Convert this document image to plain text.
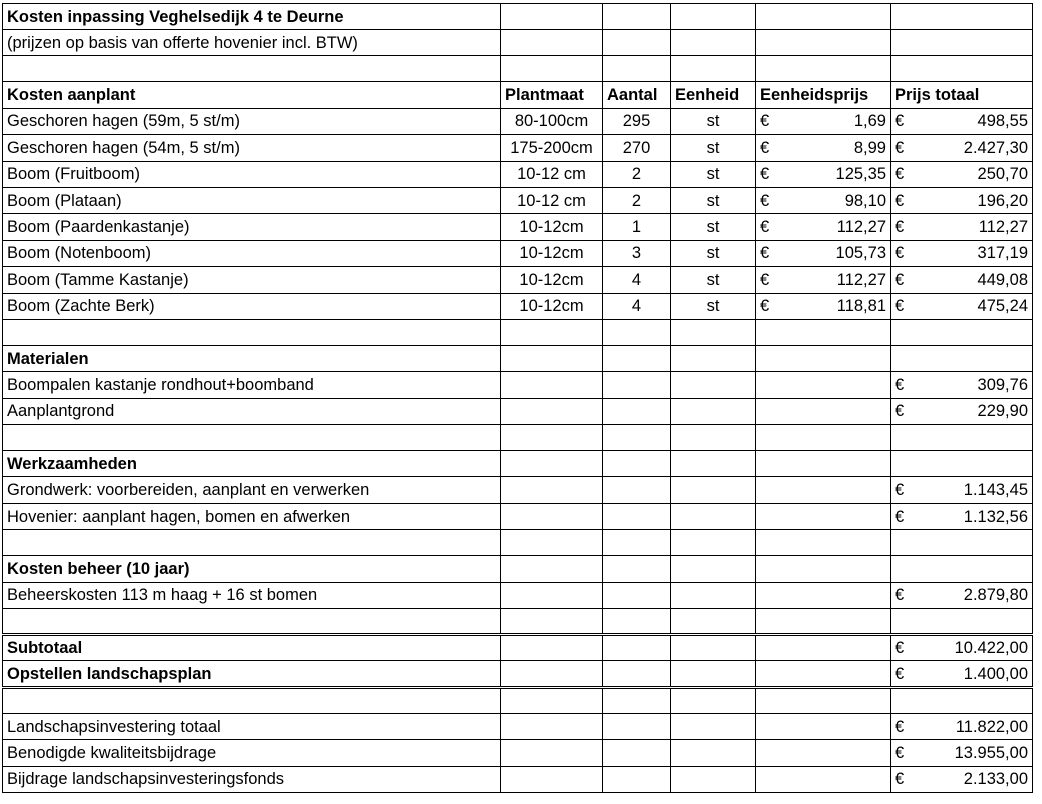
Kosten inpassing Veghelsedijk 4 te Deurne					
(prijzen op basis van offerte hovenier incl. BTW)					

Kosten aanplant	Plantmaat	Aantal	Eenheid	Eenheidsprijs	Prijs totaal
Geschoren hagen (59m, 5 st/m)	80-100cm	295	st	€ 1,69	€ 498,55

Geschoren hagen (54m, 5 st/m)	175-200cm	270	st	€ 8,99	€ 2.427,30

Boom (Fruitboom)	10-12 cm	2	st	€ 125,35	€ 250,70

Boom (Plataan)	10-12 cm	2	st	€ 98,10	€ 196,20

Boom (Paardenkastanje)	10-12cm	1	st	€ 112,27	€ 112,27

Boom (Notenboom)	10-12cm	3	st	€ 105,73	€ 317,19

Boom (Tamme Kastanje)	10-12cm	4	st	€ 112,27	€ 449,08

Boom (Zachte Berk)	10-12cm	4	st	€ 118,81	€ 475,24

Materialen					
Boompalen kastanje rondhout+boomband					€ 309,76

Aanplantgrond					€ 229,90

Werkzaamheden					
Grondwerk: voorbereiden, aanplant en verwerken					€ 1.143,45

Hovenier: aanplant hagen, bomen en afwerken					€ 1.132,56

Kosten beheer (10 jaar)					
Beheerskosten 113 m haag + 16 st bomen					€ 2.879,80

Subtotaal					€ 10.422,00

Opstellen landschapsplan					€ 1.400,00

Landschapsinvestering totaal					€ 11.822,00

Benodigde kwaliteitsbijdrage					€ 13.955,00

Bijdrage landschapsinvesteringsfonds					€ 2.133,00
